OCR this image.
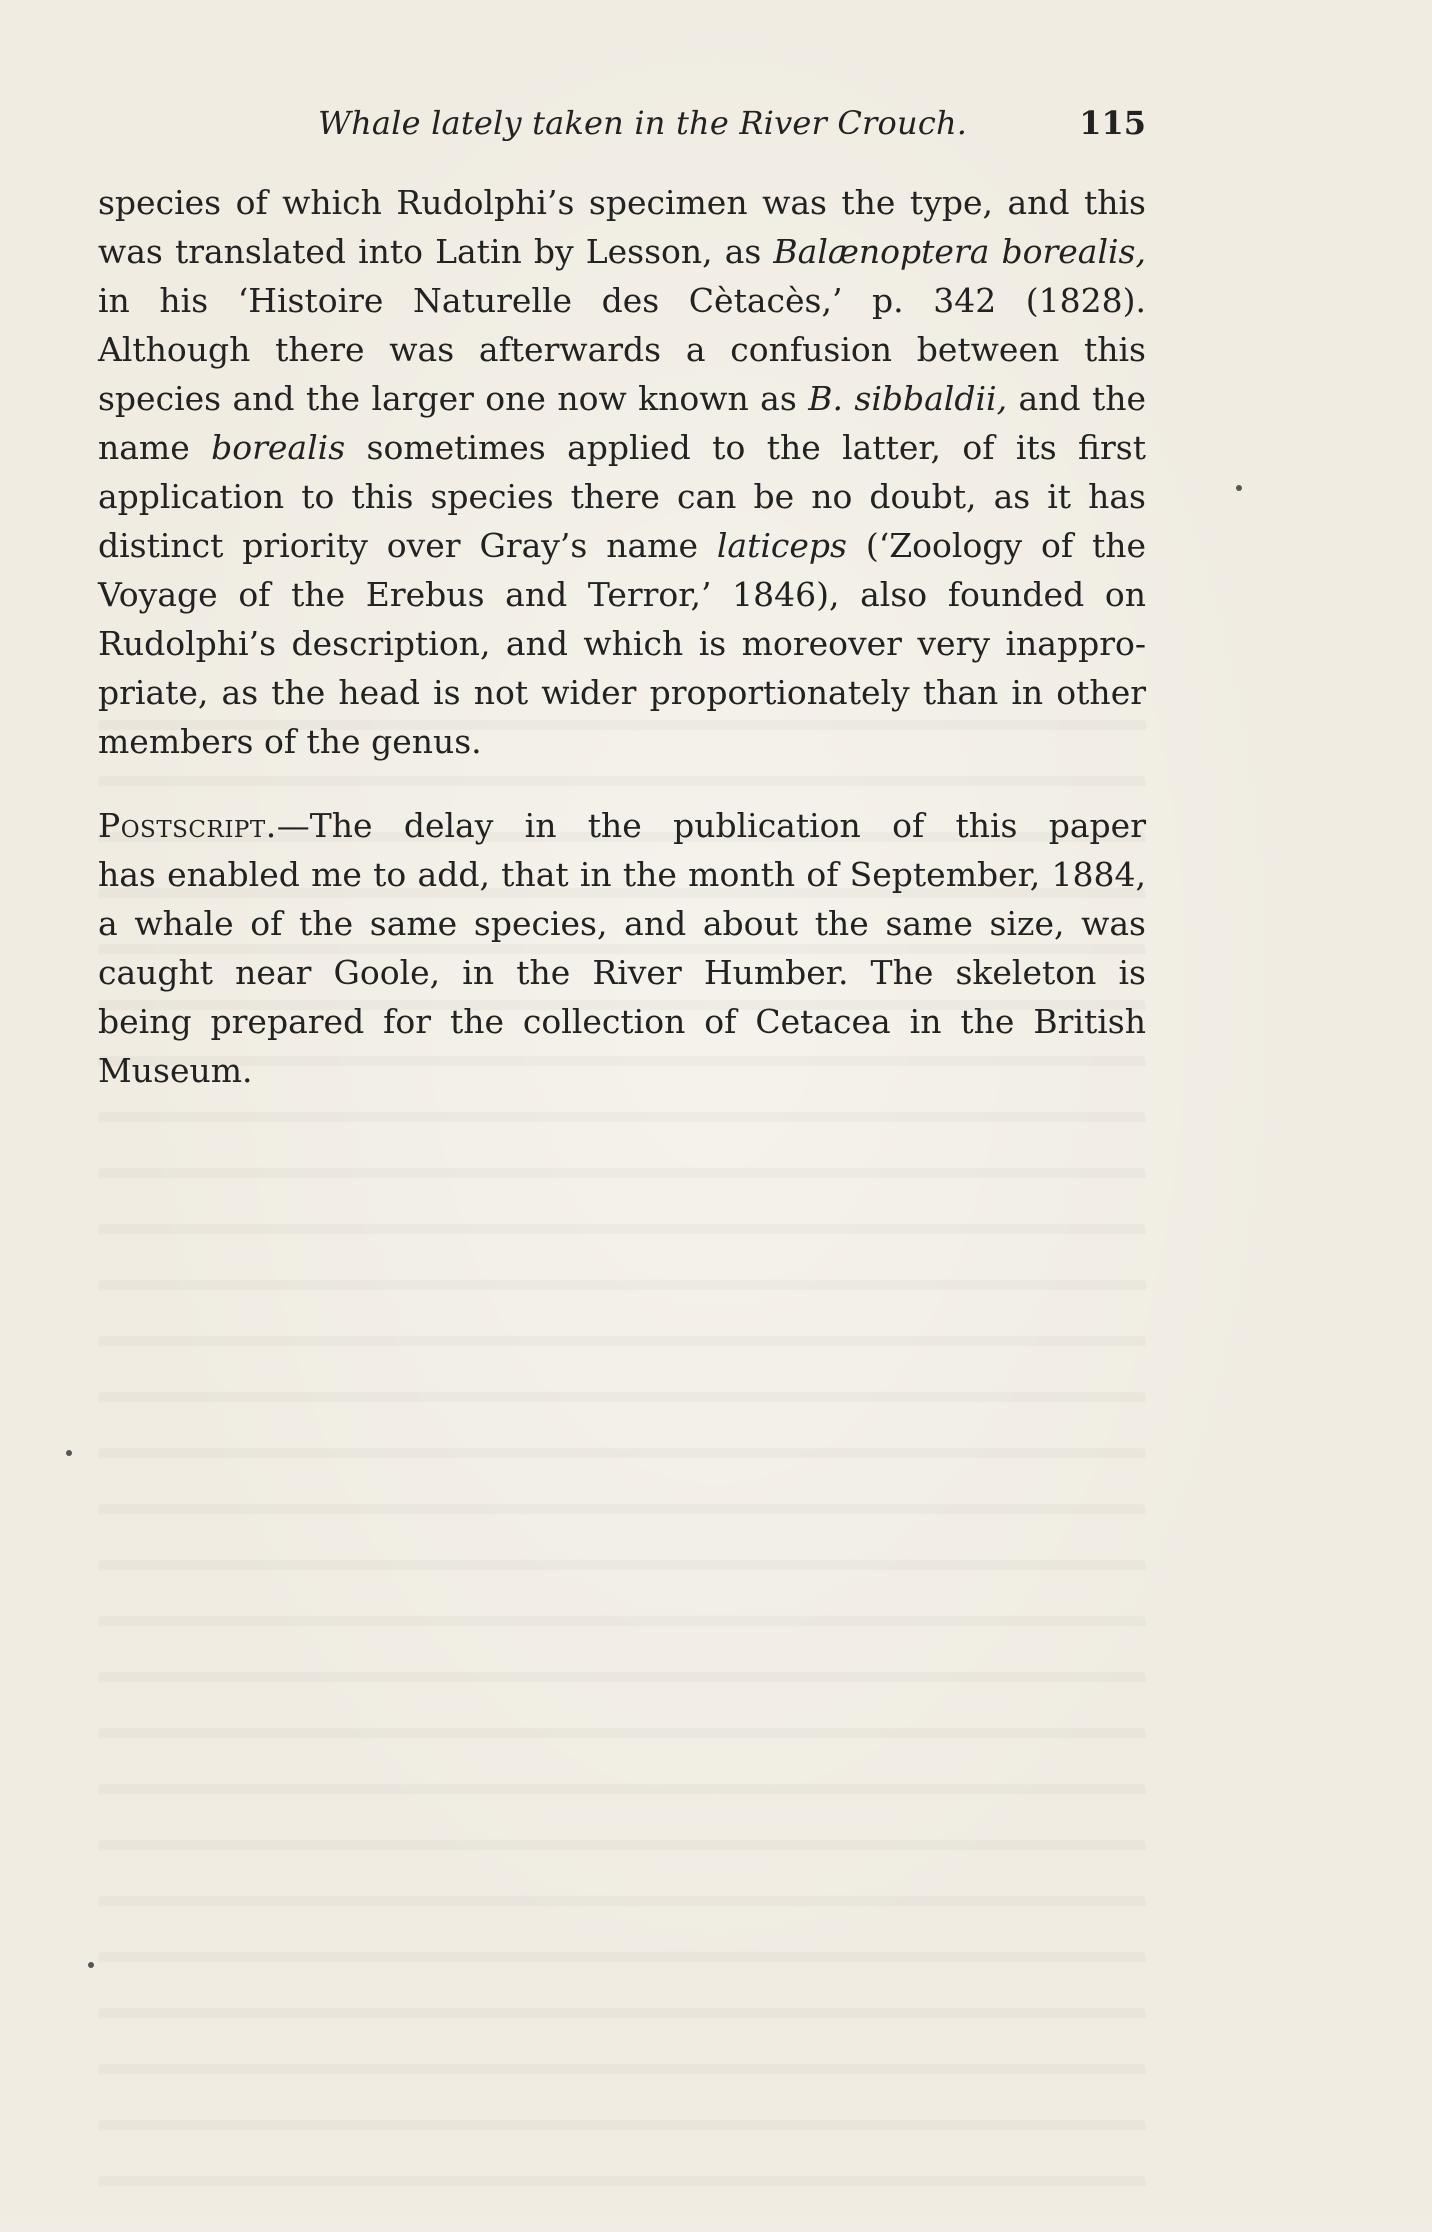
Whale lately taken in the River Crouch.	115
species of which Rudolphi’s specimen was the type, and this
was translated into Latin by Lesson, as Balænoptera borealis,
in his ‘Histoire Naturelle des Cètacès,’ p. 342 (1828).
Although there was afterwards a confusion between this
species and the larger one now known as B. sibbaldii, and the
name borealis sometimes applied to the latter, of its first
application to this species there can be no doubt, as it has
distinct priority over Gray’s name laticeps (‘Zoology of the
Voyage of the Erebus and Terror,’ 1846), also founded on
Rudolphi’s description, and which is moreover very inappro-
priate, as the head is not wider proportionately than in other
members of the genus.
Postscript.—The delay in the publication of this paper
has enabled me to add, that in the month of September, 1884,
a whale of the same species, and about the same size, was
caught near Goole, in the River Humber. The skeleton is
being prepared for the collection of Cetacea in the British
Museum.
